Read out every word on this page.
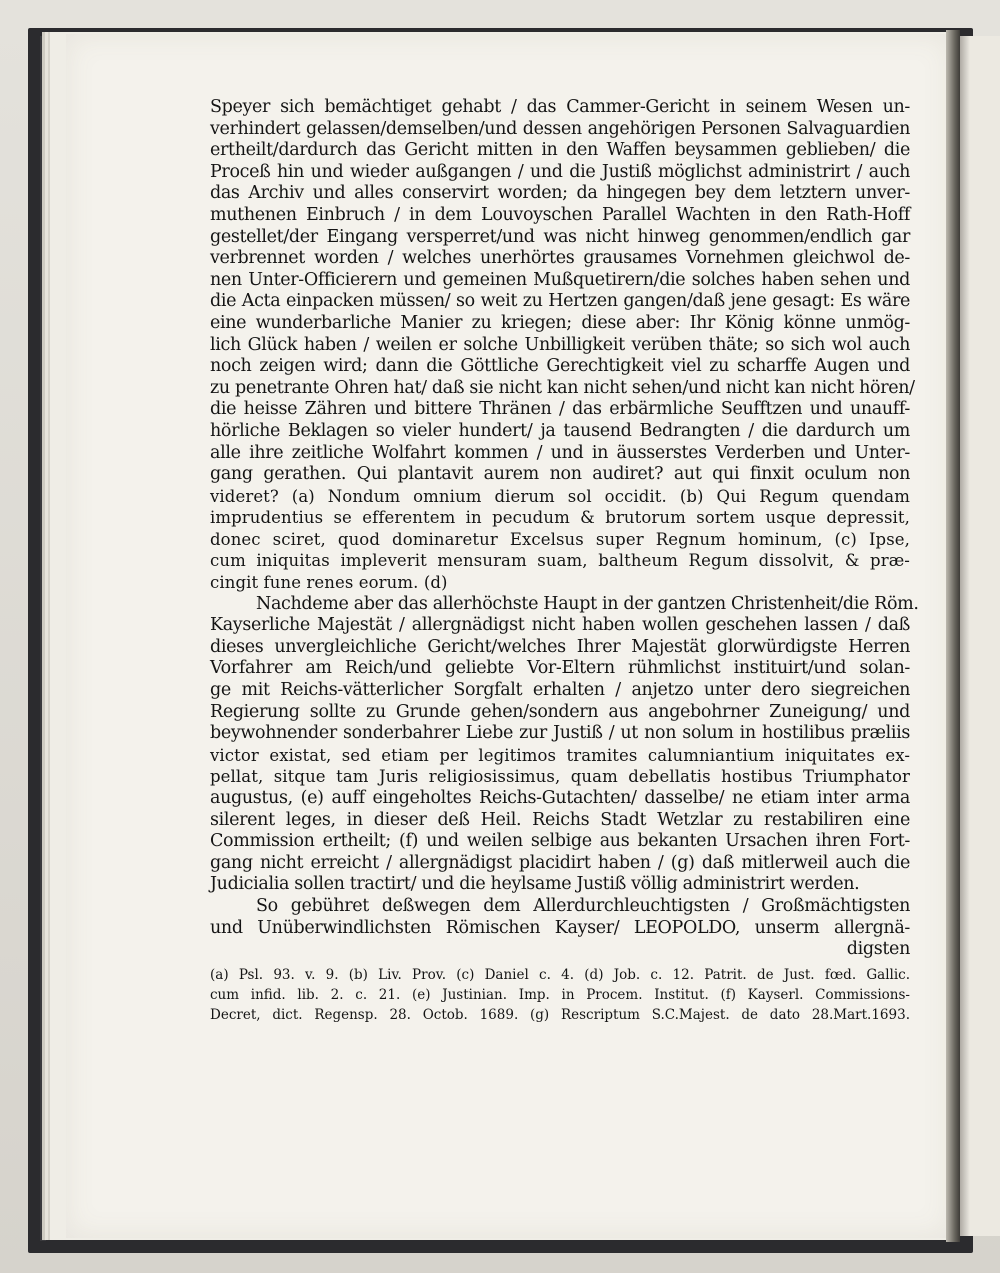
Speyer sich bemächtiget gehabt / das Cammer-Gericht in seinem Wesen un-
verhindert gelassen/demselben/und dessen angehörigen Personen Salvaguardien
ertheilt/dardurch das Gericht mitten in den Waffen beysammen geblieben/ die
Proceß hin und wieder außgangen / und die Justiß möglichst administrirt / auch
das Archiv und alles conservirt worden; da hingegen bey dem letztern unver-
muthenen Einbruch / in dem Louvoyschen Parallel Wachten in den Rath-Hoff
gestellet/der Eingang versperret/und was nicht hinweg genommen/endlich gar
verbrennet worden / welches unerhörtes grausames Vornehmen gleichwol de-
nen Unter-Officierern und gemeinen Mußquetirern/die solches haben sehen und
die Acta einpacken müssen/ so weit zu Hertzen gangen/daß jene gesagt: Es wäre
eine wunderbarliche Manier zu kriegen; diese aber: Ihr König könne unmög-
lich Glück haben / weilen er solche Unbilligkeit verüben thäte; so sich wol auch
noch zeigen wird; dann die Göttliche Gerechtigkeit viel zu scharffe Augen und
zu penetrante Ohren hat/ daß sie nicht kan nicht sehen/und nicht kan nicht hören/
die heisse Zähren und bittere Thränen / das erbärmliche Seufftzen und unauff-
hörliche Beklagen so vieler hundert/ ja tausend Bedrangten / die dardurch um
alle ihre zeitliche Wolfahrt kommen / und in äusserstes Verderben und Unter-
gang gerathen. Qui plantavit aurem non audiret? aut qui finxit oculum non
videret? (a) Nondum omnium dierum sol occidit. (b) Qui Regum quendam
imprudentius se efferentem in pecudum & brutorum sortem usque depressit,
donec sciret, quod dominaretur Excelsus super Regnum hominum, (c) Ipse,
cum iniquitas impleverit mensuram suam, baltheum Regum dissolvit, & præ-
cingit fune renes eorum. (d)
Nachdeme aber das allerhöchste Haupt in der gantzen Christenheit/die Röm.
Kayserliche Majestät / allergnädigst nicht haben wollen geschehen lassen / daß
dieses unvergleichliche Gericht/welches Ihrer Majestät glorwürdigste Herren
Vorfahrer am Reich/und geliebte Vor-Eltern rühmlichst instituirt/und solan-
ge mit Reichs-vätterlicher Sorgfalt erhalten / anjetzo unter dero siegreichen
Regierung sollte zu Grunde gehen/sondern aus angebohrner Zuneigung/ und
beywohnender sonderbahrer Liebe zur Justiß / ut non solum in hostilibus præliis
victor existat, sed etiam per legitimos tramites calumniantium iniquitates ex-
pellat, sitque tam Juris religiosissimus, quam debellatis hostibus Triumphator
augustus, (e) auff eingeholtes Reichs-Gutachten/ dasselbe/ ne etiam inter arma
silerent leges, in dieser deß Heil. Reichs Stadt Wetzlar zu restabiliren eine
Commission ertheilt; (f) und weilen selbige aus bekanten Ursachen ihren Fort-
gang nicht erreicht / allergnädigst placidirt haben / (g) daß mitlerweil auch die
Judicialia sollen tractirt/ und die heylsame Justiß völlig administrirt werden.
So gebühret deßwegen dem Allerdurchleuchtigsten / Großmächtigsten
und Unüberwindlichsten Römischen Kayser/ LEOPOLDO, unserm allergnä-
digsten
(a) Psl. 93. v. 9. (b) Liv. Prov. (c) Daniel c. 4. (d) Job. c. 12. Patrit. de Just. fœd. Gallic.
cum infid. lib. 2. c. 21. (e) Justinian. Imp. in Procem. Institut. (f) Kayserl. Commissions-
Decret, dict. Regensp. 28. Octob. 1689. (g) Rescriptum S.C.Majest. de dato 28.Mart.1693.
